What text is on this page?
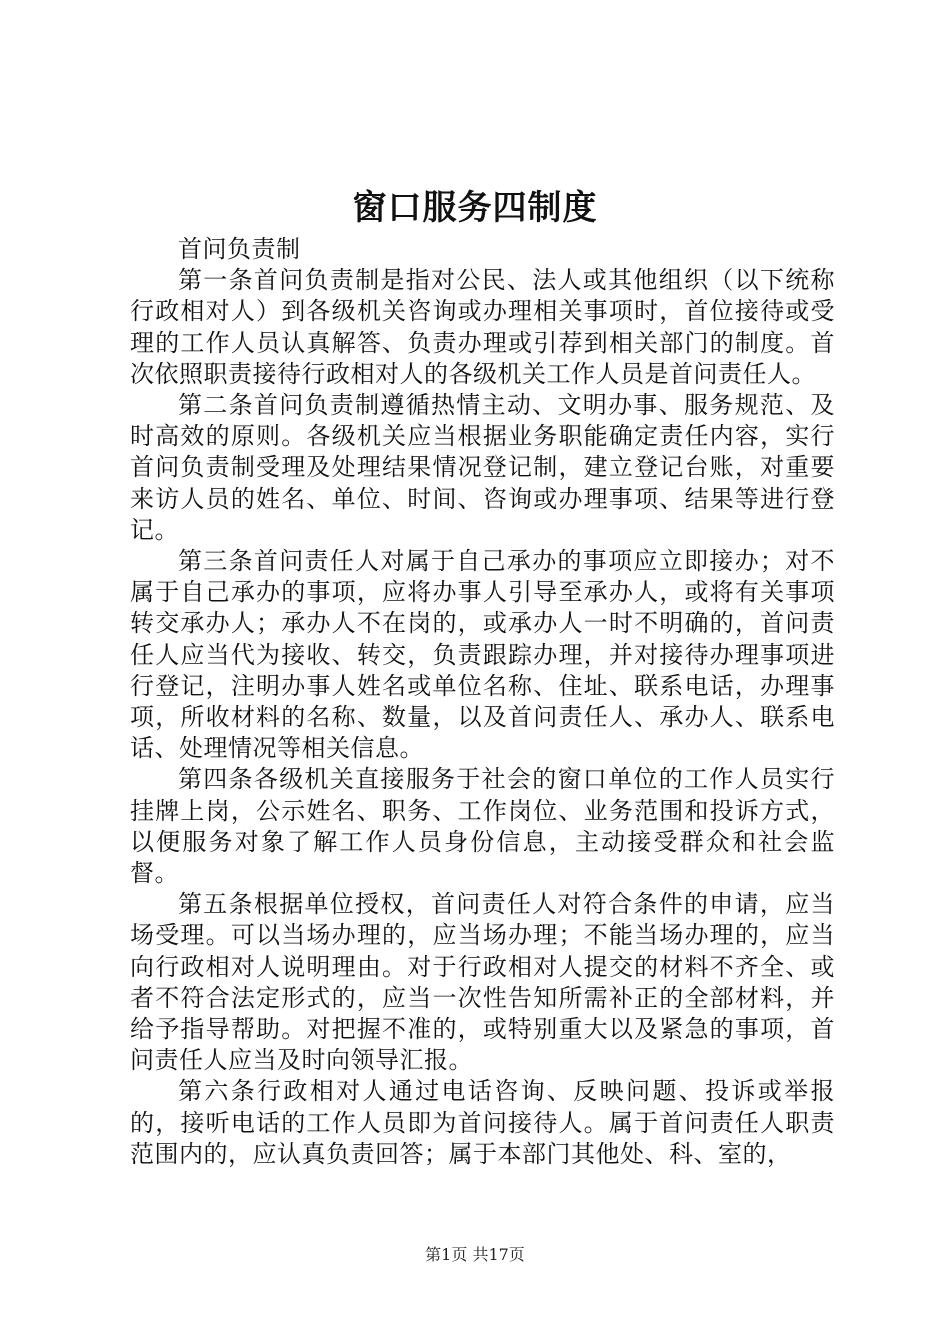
窗口服务四制度

首问负责制

第一条首问负责制是指对公民、法人或其他组织（以下统称行政相对人）到各级机关咨询或办理相关事项时，首位接待或受理的工作人员认真解答、负责办理或引荐到相关部门的制度。首次依照职责接待行政相对人的各级机关工作人员是首问责任人。

第二条首问负责制遵循热情主动、文明办事、服务规范、及时高效的原则。各级机关应当根据业务职能确定责任内容，实行首问负责制受理及处理结果情况登记制，建立登记台账，对重要来访人员的姓名、单位、时间、咨询或办理事项、结果等进行登记。

第三条首问责任人对属于自己承办的事项应立即接办；对不属于自己承办的事项，应将办事人引导至承办人，或将有关事项转交承办人；承办人不在岗的，或承办人一时不明确的，首问责任人应当代为接收、转交，负责跟踪办理，并对接待办理事项进行登记，注明办事人姓名或单位名称、住址、联系电话，办理事项，所收材料的名称、数量，以及首问责任人、承办人、联系电话、处理情况等相关信息。

第四条各级机关直接服务于社会的窗口单位的工作人员实行挂牌上岗，公示姓名、职务、工作岗位、业务范围和投诉方式，以便服务对象了解工作人员身份信息，主动接受群众和社会监督。

第五条根据单位授权，首问责任人对符合条件的申请，应当场受理。可以当场办理的，应当场办理；不能当场办理的，应当向行政相对人说明理由。对于行政相对人提交的材料不齐全、或者不符合法定形式的，应当一次性告知所需补正的全部材料，并给予指导帮助。对把握不准的，或特别重大以及紧急的事项，首问责任人应当及时向领导汇报。

第六条行政相对人通过电话咨询、反映问题、投诉或举报的，接听电话的工作人员即为首问接待人。属于首问责任人职责范围内的，应认真负责回答；属于本部门其他处、科、室的，

第1页 共17页
